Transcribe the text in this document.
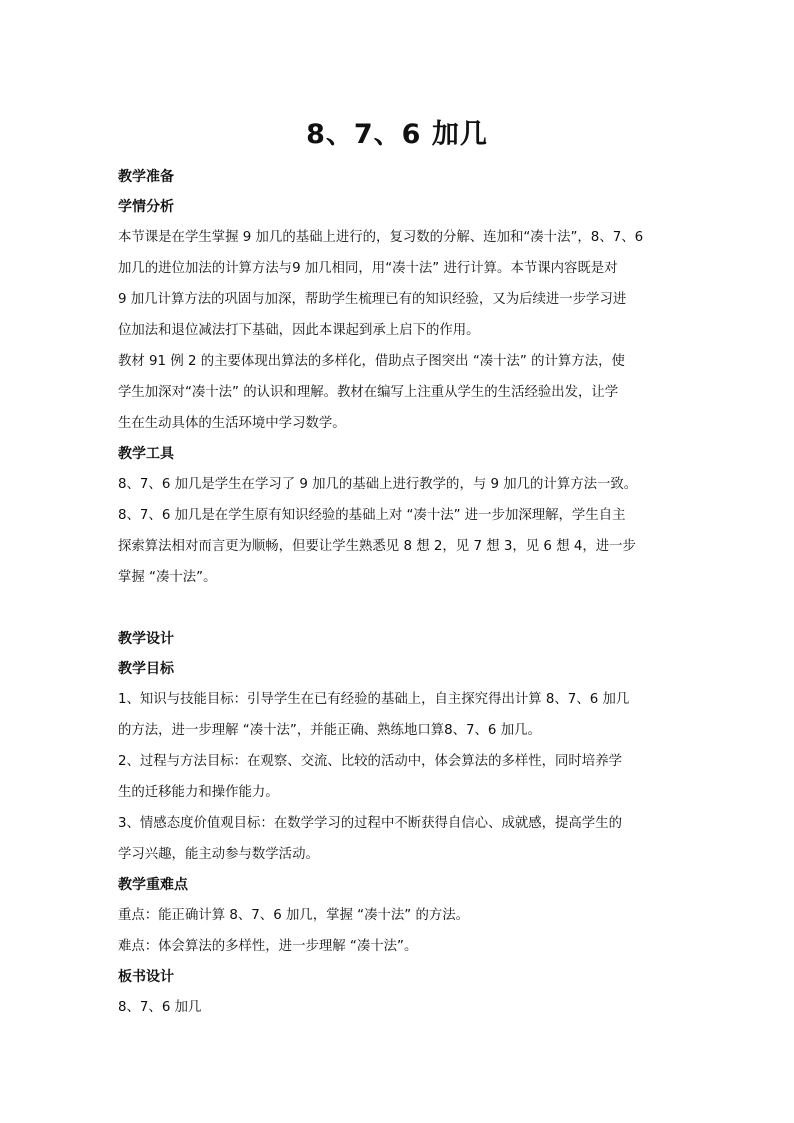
8、7、6 加几
教学准备
学情分析

本节课是在学生掌握 9 加几的基础上进行的，复习数的分解、连加和“凑十法”，8、7、6
加几的进位加法的计算方法与9 加几相同，用“凑十法” 进行计算。本节课内容既是对
9 加几计算方法的巩固与加深，帮助学生梳理已有的知识经验，又为后续进一步学习进
位加法和退位减法打下基础，因此本课起到承上启下的作用。

教材 91 例 2 的主要体现出算法的多样化，借助点子图突出 “凑十法” 的计算方法，使
学生加深对“凑十法” 的认识和理解。教材在编写上注重从学生的生活经验出发，让学
生在生动具体的生活环境中学习数学。

教学工具

8、7、6 加几是学生在学习了 9 加几的基础上进行教学的，与 9 加几的计算方法一致。

8、7、6 加几是在学生原有知识经验的基础上对 “凑十法” 进一步加深理解，学生自主
探索算法相对而言更为顺畅，但要让学生熟悉见 8 想 2，见 7 想 3，见 6 想 4，进一步
掌握 “凑十法”。

教学设计
教学目标

1、知识与技能目标：引导学生在已有经验的基础上，自主探究得出计算 8、7、6 加几
的方法，进一步理解 “凑十法”，并能正确、熟练地口算8、7、6 加几。

2、过程与方法目标：在观察、交流、比较的活动中，体会算法的多样性，同时培养学
生的迁移能力和操作能力。

3、情感态度价值观目标：在数学学习的过程中不断获得自信心、成就感，提高学生的
学习兴趣，能主动参与数学活动。

教学重难点

重点：能正确计算 8、7、6 加几，掌握 “凑十法” 的方法。

难点：体会算法的多样性，进一步理解 “凑十法”。

板书设计

8、7、6 加几
